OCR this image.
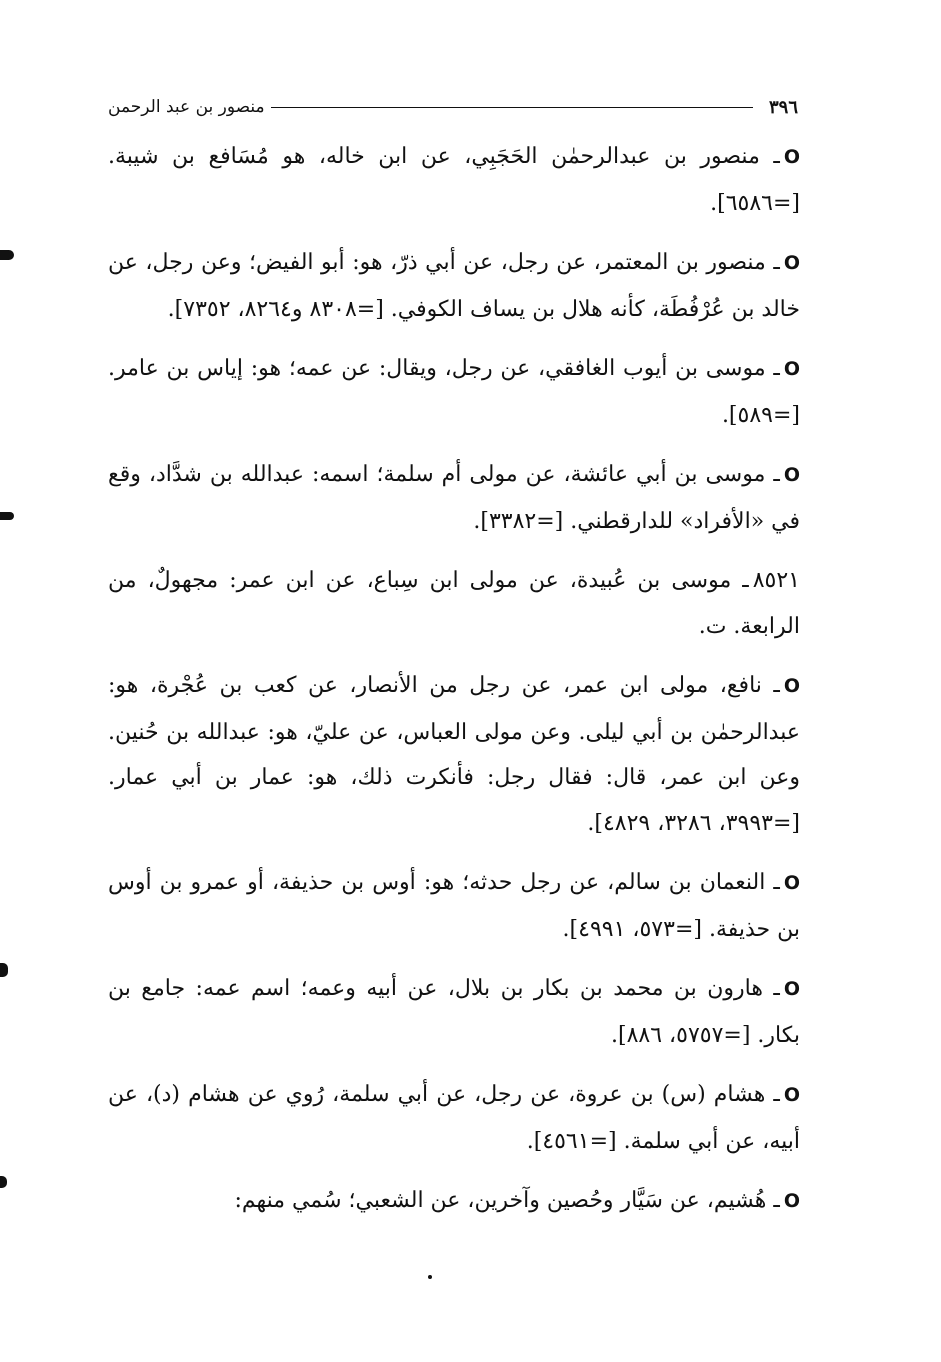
٣٩٦
منصور بن عبد الرحمن

Oـ منصور بن عبدالرحمٰن الحَجَبِي، عن ابن خاله، هو مُسَافع بن شيبة. [=٦٥٨٦].

Oـ منصور بن المعتمر، عن رجل، عن أبي ذرّ، هو: أبو الفيض؛ وعن رجل، عن خالد بن عُرْفُطَة، كأنه هلال بن يساف الكوفي. [=٨٣٠٨ و٨٢٦٤، ٧٣٥٢].

Oـ موسى بن أيوب الغافقي، عن رجل، ويقال: عن عمه؛ هو: إياس بن عامر. [=٥٨٩].

Oـ موسى بن أبي عائشة، عن مولى أم سلمة؛ اسمه: عبدالله بن شدَّاد، وقع في «الأفراد» للدارقطني. [=٣٣٨٢].

٨٥٢١ـ موسى بن عُبيدة، عن مولى ابن سِباع، عن ابن عمر: مجهولٌ، من الرابعة. ت.

Oـ نافع، مولى ابن عمر، عن رجل من الأنصار، عن كعب بن عُجْرة، هو: عبدالرحمٰن بن أبي ليلى. وعن مولى العباس، عن عليّ، هو: عبدالله بن حُنين. وعن ابن عمر، قال: فقال رجل: فأنكرت ذلك، هو: عمار بن أبي عمار. [=٣٩٩٣، ٣٢٨٦، ٤٨٢٩].

Oـ النعمان بن سالم، عن رجل حدثه؛ هو: أوس بن حذيفة، أو عمرو بن أوس بن حذيفة. [=٥٧٣، ٤٩٩١].

Oـ هارون بن محمد بن بكار بن بلال، عن أبيه وعمه؛ اسم عمه: جامع بن بكار. [=٥٧٥٧، ٨٨٦].

Oـ هشام (س) بن عروة، عن رجل، عن أبي سلمة، رُوي عن هشام (د)، عن أبيه، عن أبي سلمة. [=٤٥٦١].

Oـ هُشيم، عن سَيَّار وحُصين وآخرين، عن الشعبي؛ سُمي منهم:
